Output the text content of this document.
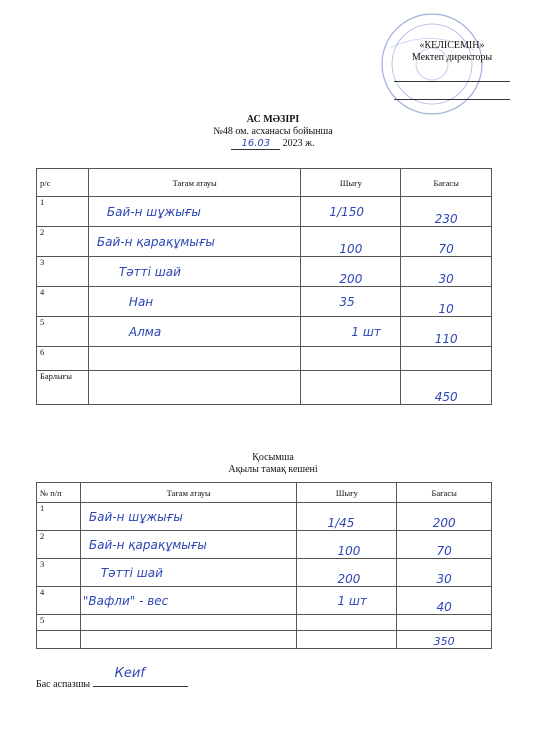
«КЕЛІСЕМІН»
Мектеп директоры
АС МӘЗІРІ
№48 ом. асханасы бойынша
16.03 2023 ж.
р/с	Тағам атауы	Шығу	Бағасы
1	Бай-н шұжығы	1/150	230
2	Бай-н қарақұмығы	100	70
3	Тәтті шай	200	30
4	Нан	35	10
5	Алма	1 шт	110
6			
Барлығы			450
Қосымша
Ақылы тамақ кешені
№ п/п	Тағам атауы	Шығу	Бағасы
1	Бай-н шұжығы	1/45	200
2	Бай-н қарақұмығы	100	70
3	Тәтті шай	200	30
4	"Вафли" - вес	1 шт	40
5			
			350
Бас аспазшы
Кеиf
